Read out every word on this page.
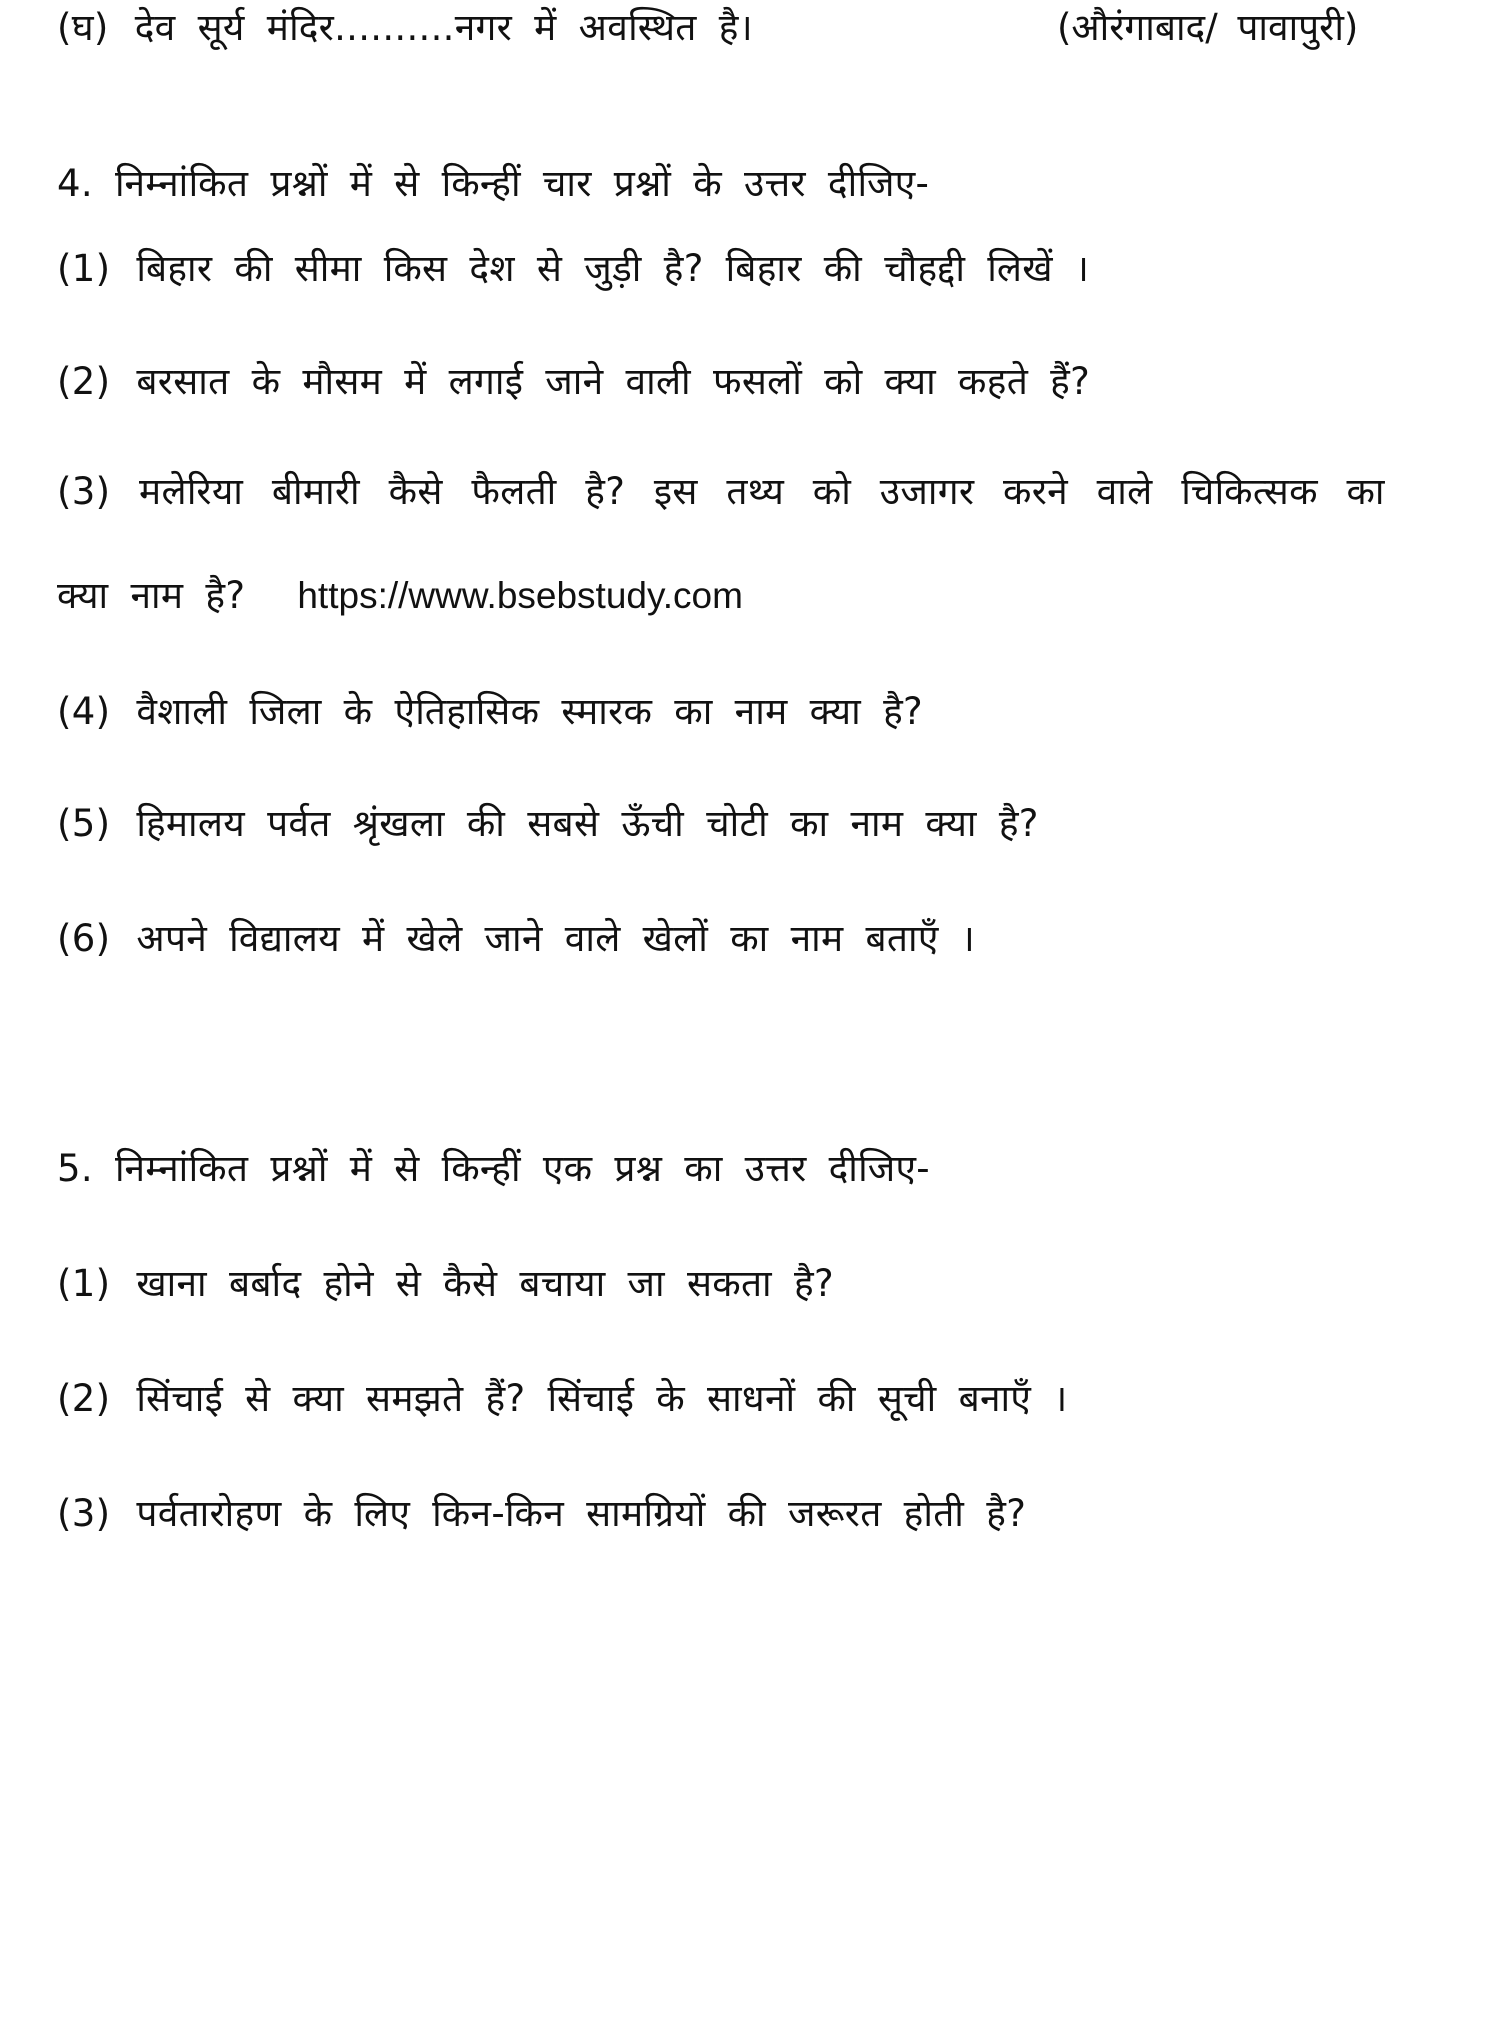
(घ) देव सूर्य मंदिर..........नगर में अवस्थित है।	(औरंगाबाद/ पावापुरी)
4. निम्नांकित प्रश्नों में से किन्हीं चार प्रश्नों के उत्तर दीजिए-
(1) बिहार की सीमा किस देश से जुड़ी है? बिहार की चौहद्दी लिखें ।
(2) बरसात के मौसम में लगाई जाने वाली फसलों को क्या कहते हैं?
(3) मलेरिया बीमारी कैसे फैलती है? इस तथ्य को उजागर करने वाले चिकित्सक का
क्या नाम है? https://www.bsebstudy.com
(4) वैशाली जिला के ऐतिहासिक स्मारक का नाम क्या है?
(5) हिमालय पर्वत श्रृंखला की सबसे ऊँची चोटी का नाम क्या है?
(6) अपने विद्यालय में खेले जाने वाले खेलों का नाम बताएँ ।
5. निम्नांकित प्रश्नों में से किन्हीं एक प्रश्न का उत्तर दीजिए-
(1) खाना बर्बाद होने से कैसे बचाया जा सकता है?
(2) सिंचाई से क्या समझते हैं? सिंचाई के साधनों की सूची बनाएँ ।
(3) पर्वतारोहण के लिए किन-किन सामग्रियों की जरूरत होती है?
